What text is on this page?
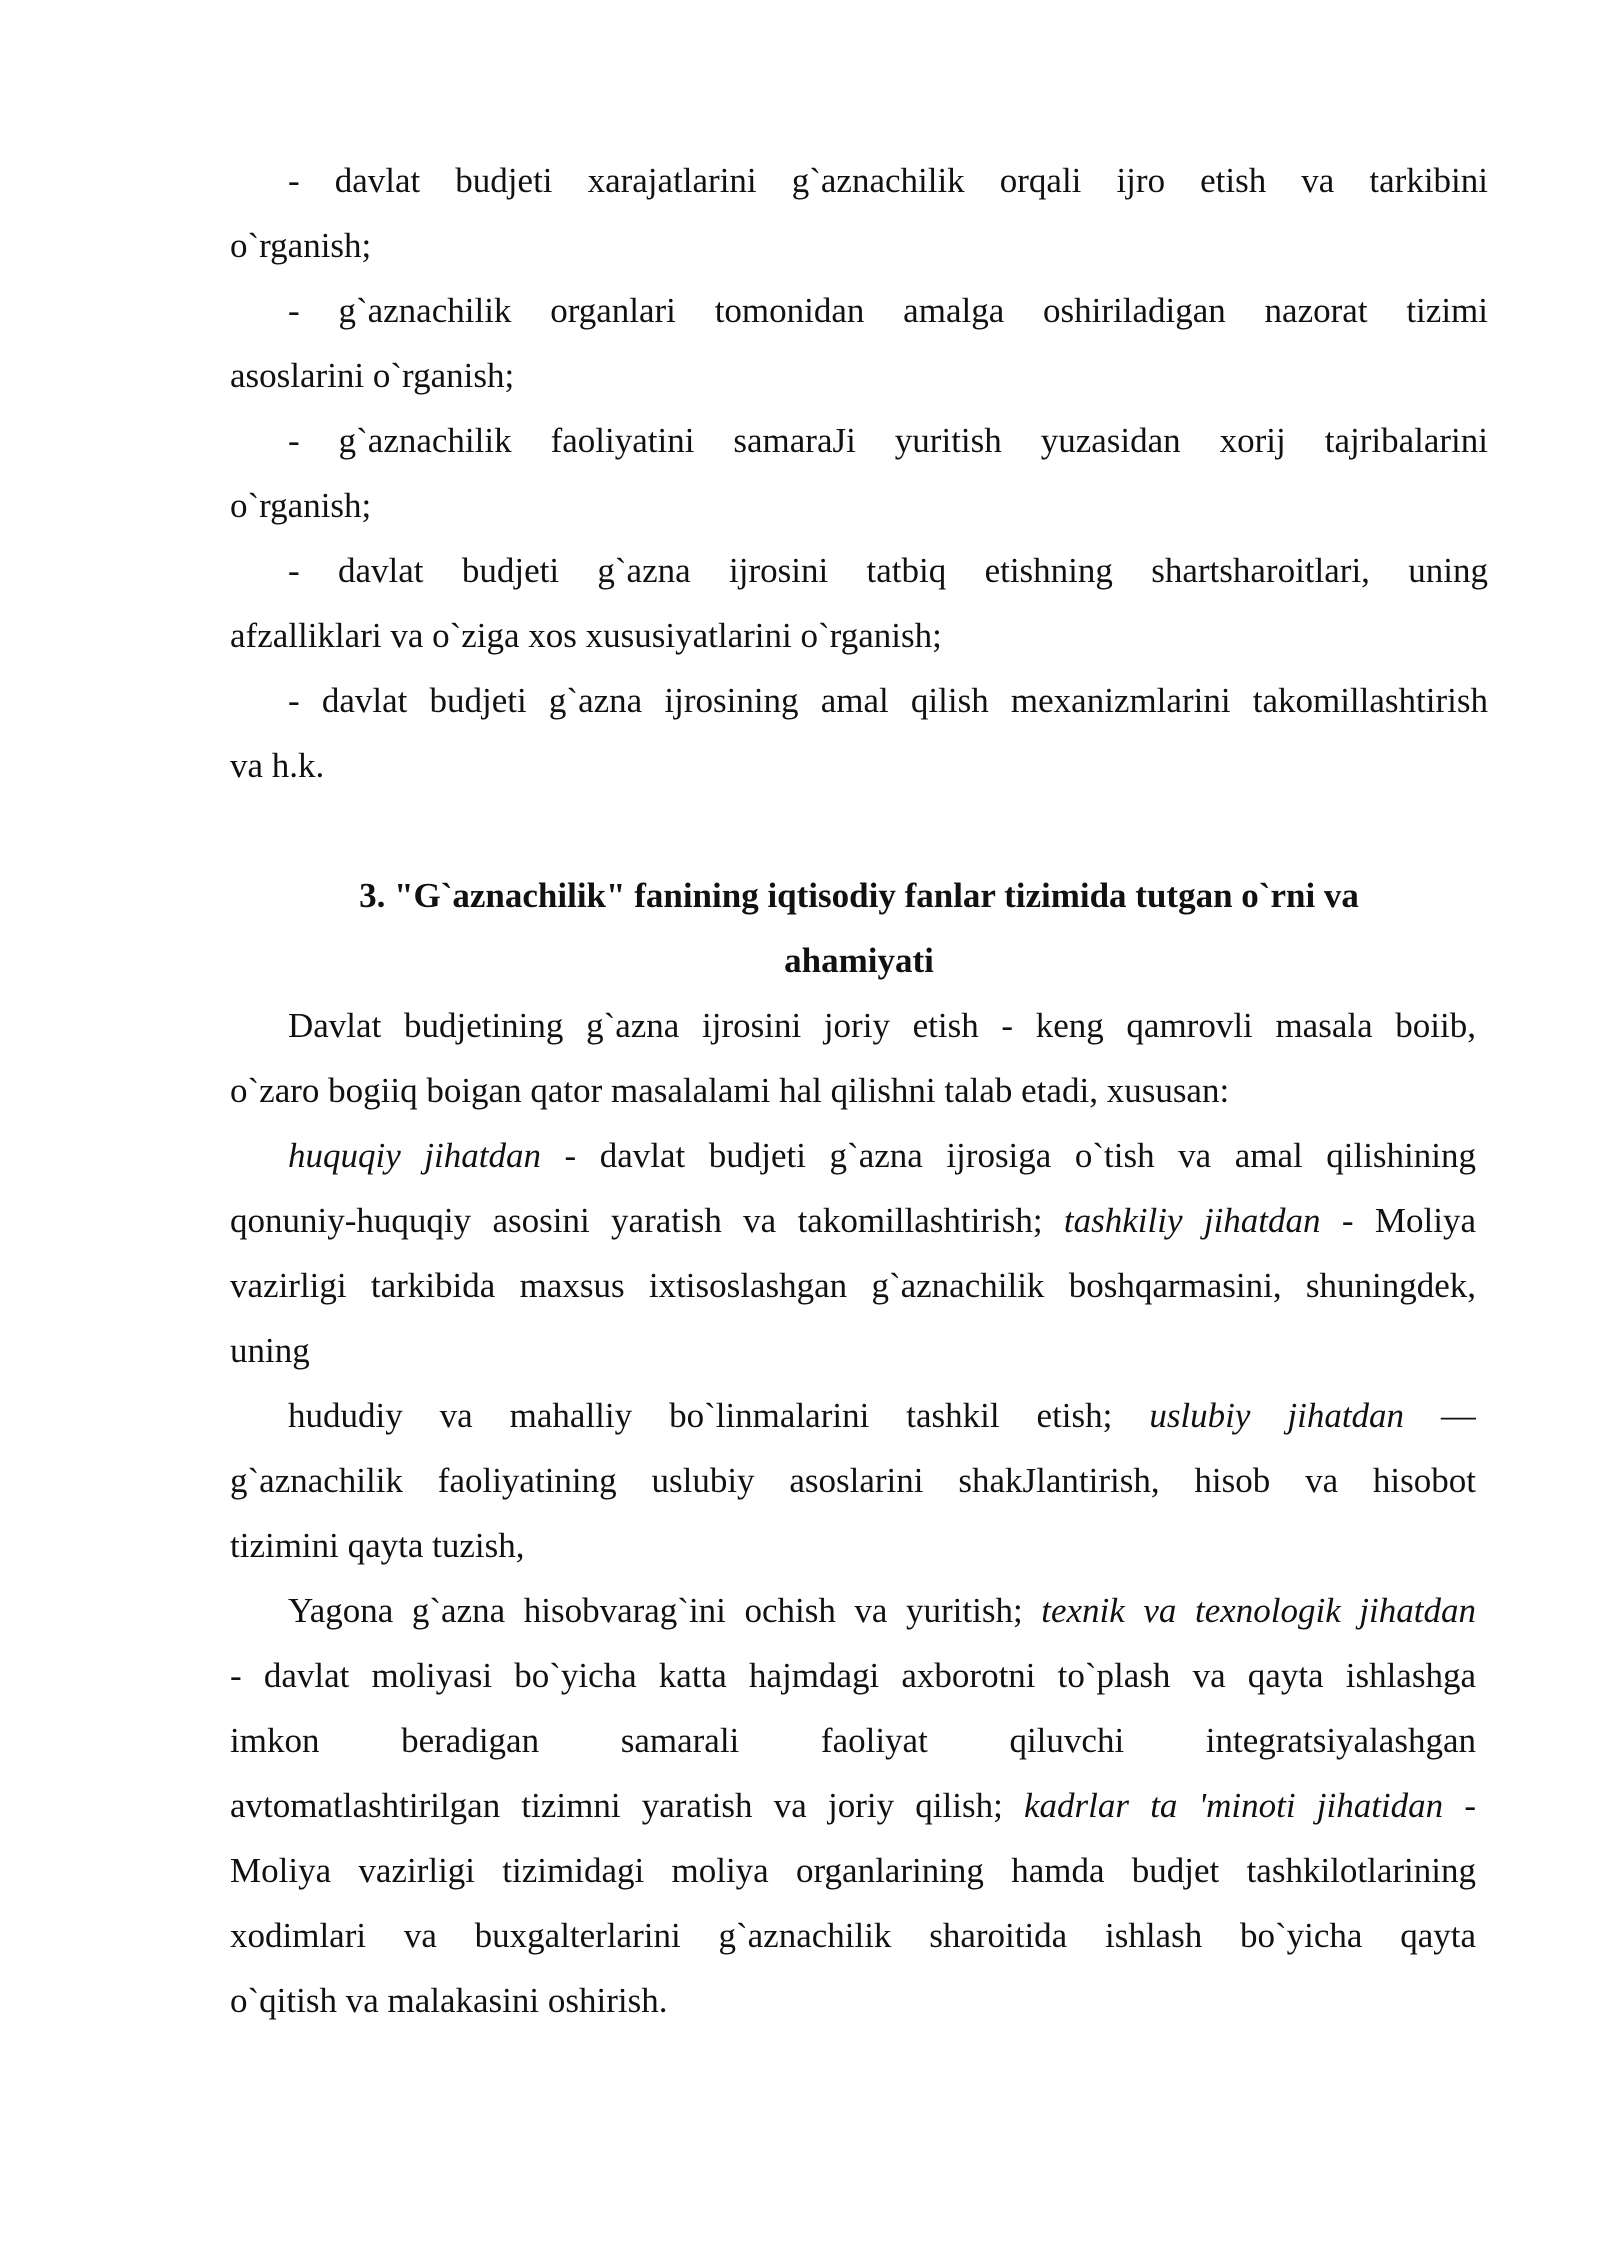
- davlat budjeti xarajatlarini g`aznachilik orqali ijro etish va tarkibini
o`rganish;
- g`aznachilik organlari tomonidan amalga oshiriladigan nazorat tizimi
asoslarini o`rganish;
- g`aznachilik faoliyatini samaraJi yuritish yuzasidan xorij tajribalarini
o`rganish;
- davlat budjeti g`azna ijrosini tatbiq etishning shartsharoitlari, uning
afzalliklari va o`ziga xos xususiyatlarini o`rganish;
- davlat budjeti g`azna ijrosining amal qilish mexanizmlarini takomillashtirish
va h.k.
3. "G`aznachilik" fanining iqtisodiy fanlar tizimida tutgan o`rni va
ahamiyati
Davlat budjetining g`azna ijrosini joriy etish - keng qamrovli masala boiib,
o`zaro bogiiq boigan qator masalalami hal qilishni talab etadi, xususan:
huquqiy jihatdan - davlat budjeti g`azna ijrosiga o`tish va amal qilishining
qonuniy-huquqiy asosini yaratish va takomillashtirish; tashkiliy jihatdan - Moliya
vazirligi tarkibida maxsus ixtisoslashgan g`aznachilik boshqarmasini, shuningdek,
uning
hududiy va mahalliy bo`linmalarini tashkil etish; uslubiy jihatdan —
g`aznachilik faoliyatining uslubiy asoslarini shakJlantirish, hisob va hisobot
tizimini qayta tuzish,
Yagona g`azna hisobvarag`ini ochish va yuritish; texnik va texnologik jihatdan
- davlat moliyasi bo`yicha katta hajmdagi axborotni to`plash va qayta ishlashga
imkon beradigan samarali faoliyat qiluvchi integratsiyalashgan
avtomatlashtirilgan tizimni yaratish va joriy qilish; kadrlar ta 'minoti jihatidan -
Moliya vazirligi tizimidagi moliya organlarining hamda budjet tashkilotlarining
xodimlari va buxgalterlarini g`aznachilik sharoitida ishlash bo`yicha qayta
o`qitish va malakasini oshirish.
